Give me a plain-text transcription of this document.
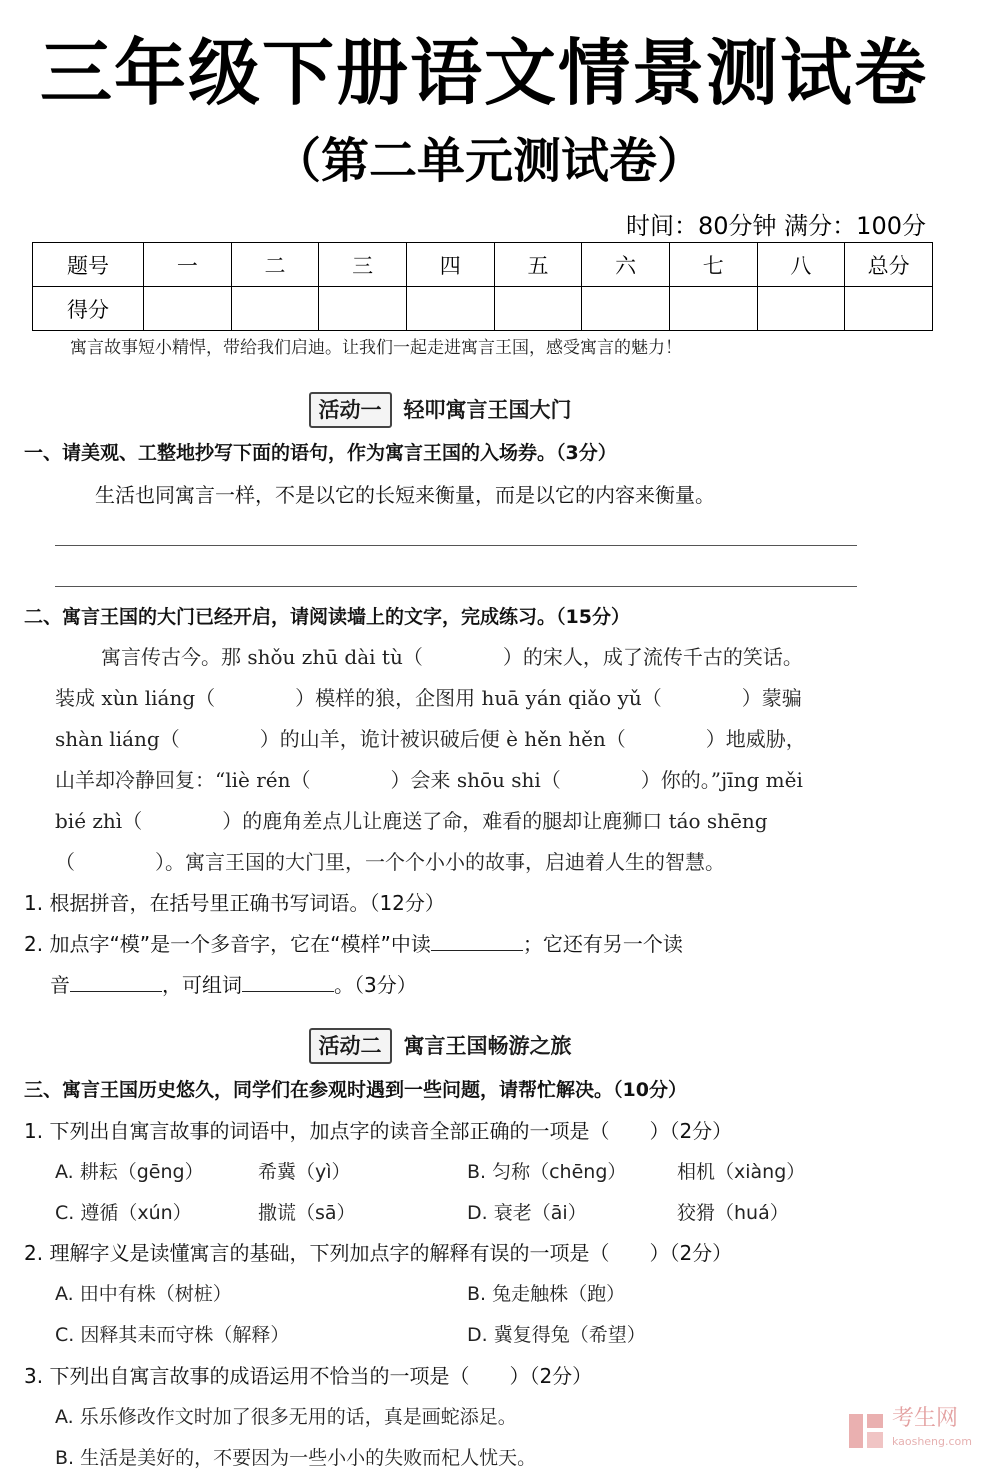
三年级下册语文情景测试卷
（第二单元测试卷）
时间：80分钟 满分：100分
题号	一	二	三	四	五	六	七	八	总分
得分									
寓言故事短小精悍，带给我们启迪。让我们一起走进寓言王国，感受寓言的魅力！
活动一 轻叩寓言王国大门
一、请美观、工整地抄写下面的语句，作为寓言王国的入场券。（3分）
生活也同寓言一样，不是以它的长短来衡量，而是以它的内容来衡量。
二、寓言王国的大门已经开启，请阅读墙上的文字，完成练习。（15分）
寓言传古今。那 shǒu zhū dài tù（　　　　）的宋人，成了流传千古的笑话。
装成 xùn liáng（　　　　）模样的狼，企图用 huā yán qiǎo yǔ（　　　　）蒙骗
shàn liáng（　　　　）的山羊，诡计被识破后便 è hěn hěn（　　　　）地威胁，
山羊却冷静回复：“liè rén（　　　　）会来 shōu shi（　　　　）你的。”jīng měi
bié zhì（　　　　）的鹿角差点儿让鹿送了命，难看的腿却让鹿狮口 táo shēng
（　　　　）。寓言王国的大门里，一个个小小的故事，启迪着人生的智慧。
1. 根据拼音，在括号里正确书写词语。（12分）
2. 加点字“模”是一个多音字，它在“模样”中读	；它还有另一个读
音	，可组词	。（3分）
活动二 寓言王国畅游之旅
三、寓言王国历史悠久，同学们在参观时遇到一些问题，请帮忙解决。（10分）
1. 下列出自寓言故事的词语中，加点字的读音全部正确的一项是（　　）（2分）
A. 耕耘（gēng）	希冀（yì）	B. 匀称（chēng）	相机（xiàng）
C. 遵循（xún）	撒谎（sā）	D. 衰老（āi）	狡猾（huá）
2. 理解字义是读懂寓言的基础，下列加点字的解释有误的一项是（　　）（2分）
A. 田中有株（树桩）	B. 兔走触株（跑）
C. 因释其耒而守株（解释）	D. 冀复得兔（希望）
3. 下列出自寓言故事的成语运用不恰当的一项是（　　）（2分）
A. 乐乐修改作文时加了很多无用的话，真是画蛇添足。
B. 生活是美好的，不要因为一些小小的失败而杞人忧天。
考生网
kaosheng.com
